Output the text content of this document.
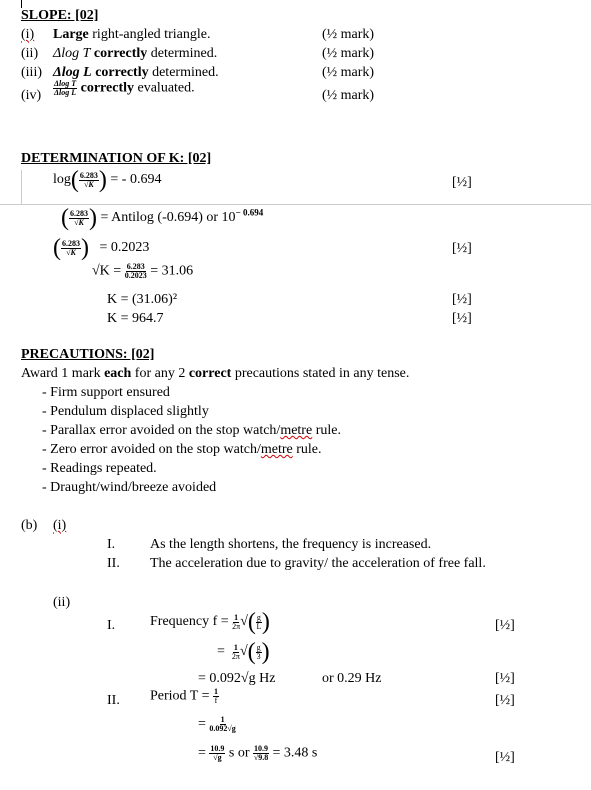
SLOPE: [02]
(i) Large right-angled triangle.	(½ mark)
(ii) Δlog T correctly determined.	(½ mark)
(iii) Δlog L correctly determined.	(½ mark)
$(iv) \frac{\text{Δlog T}}{\text{Δlog L}}$ correctly evaluated.	(½ mark)
DETERMINATION OF K: [02]
$\log( \frac{6.283}{√K}$ ) = - 0.694	[½]
( $\frac{6.283}{√K}$ ) = Antilog (-0.694) or $10^{- 0.694}$
( $\frac{6.283}{√K}$ ) = 0.2023	[½]
$√K = \frac{6.283}{0.2023} = 31.06$
K = (31.06)²	[½]
K = 964.7	[½]
PRECAUTIONS: [02]
Award 1 mark each for any 2 correct precautions stated in any tense.
- Firm support ensured
- Pendulum displaced slightly
- Parallax error avoided on the stop watch/metre rule.
- Zero error avoided on the stop watch/metre rule.
- Readings repeated.
- Draught/wind/breeze avoided
(b) (i)
I. As the length shortens, the frequency is increased.
II. The acceleration due to gravity/ the acceleration of free fall.
(ii)
I. Frequency $f = \frac{1}{2\pi}$ √( $\frac{g}{L}$ )	[½]
= $\frac{1}{2\pi}$ √( $\frac{g}{3}$ )
= 0.092√g Hz	or 0.29 Hz	[½]
II. Period $T = \frac{1}{f}$	[½]
= $\frac{1}{0.092√g}$
= $\frac{10.9}{√g}$ s or $\frac{10.9}{√9.8} = 3.48$ s	[½]
